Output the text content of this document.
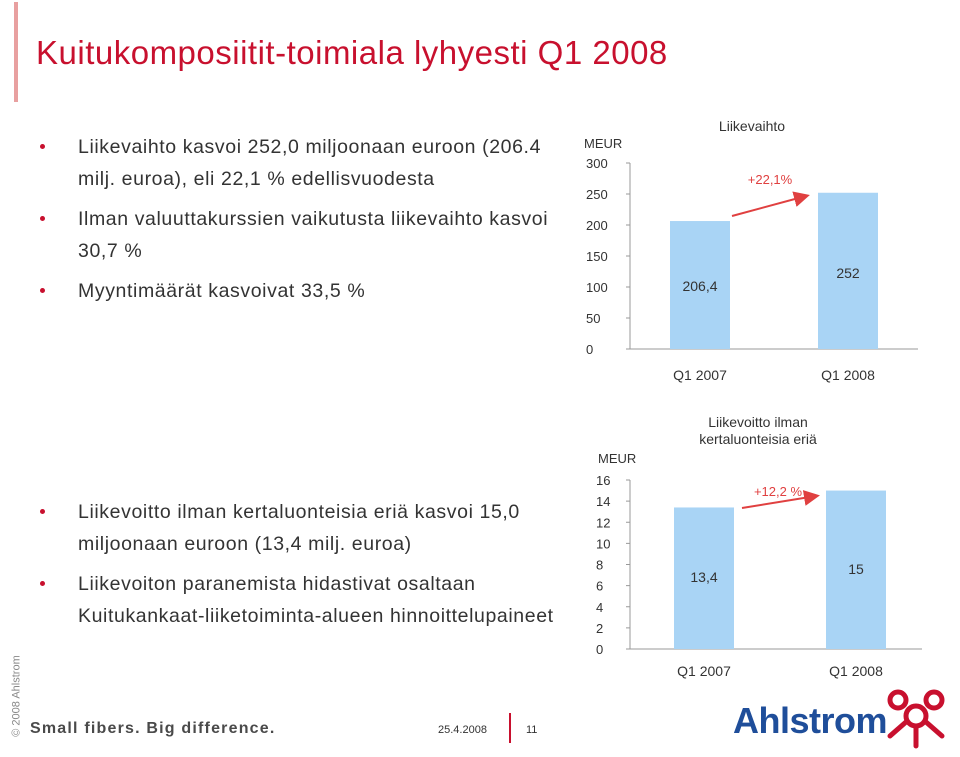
Kuitukomposiitit-toimiala lyhyesti Q1 2008
Liikevaihto kasvoi 252,0 miljoonaan euroon (206.4 milj. euroa), eli 22,1 % edellisvuodesta
Ilman valuuttakurssien vaikutusta liikevaihto kasvoi 30,7 %
Myyntimäärät kasvoivat 33,5 %
Liikevoitto ilman kertaluonteisia eriä kasvoi 15,0 miljoonaan euroon (13,4 milj. euroa)
Liikevoiton paranemista hidastivat osaltaan Kuitukankaat-liiketoiminta-alueen hinnoittelupaineet
Liikevaihto
MEUR
0
50
100
150
200
250
300
206,4
Q1 2007
252
Q1 2008
+22,1%
Liikevoitto ilman
kertaluonteisia eriä
MEUR
0
2
4
6
8
10
12
14
16
13,4
Q1 2007
15
Q1 2008
+12,2 %
© 2008 Ahlstrom Small fibers. Big difference.	25.4.2008	11	Ahlstrom
